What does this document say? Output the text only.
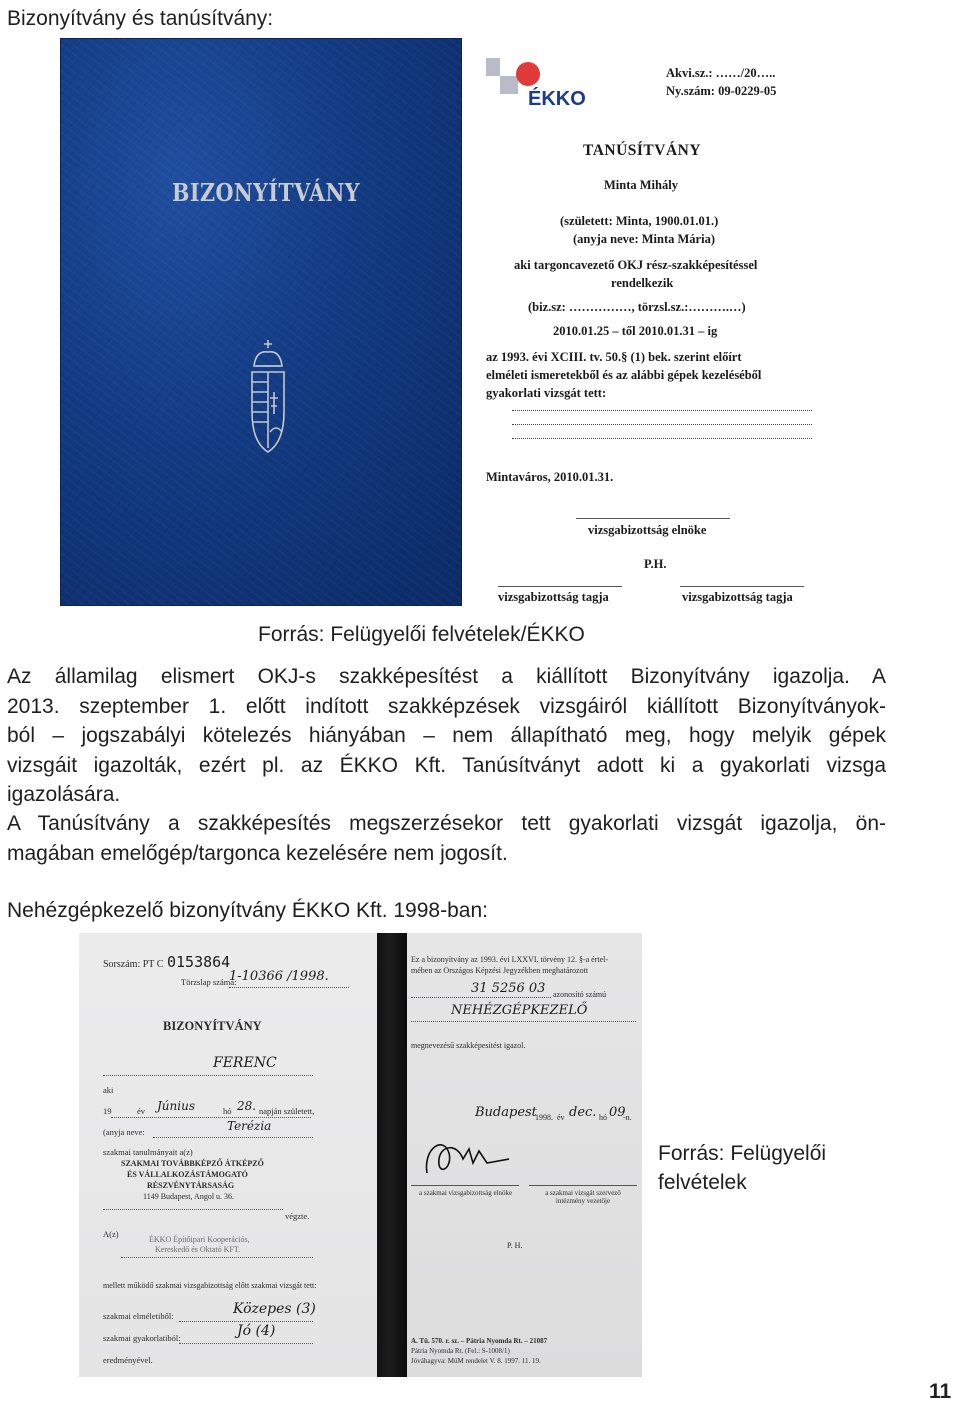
Bizonyítvány és tanúsítvány:
BIZONYÍTVÁNY
ÉKKO
Akvi.sz.: ……/20…..
Ny.szám: 09-0229-05
TANÚSÍTVÁNY
Minta Mihály
(született: Minta, 1900.01.01.)
(anyja neve: Minta Mária)
aki targoncavezető OKJ rész-szakképesítéssel
rendelkezik
(biz.sz: ……………, törzsl.sz.:……….…)
2010.01.25 – től 2010.01.31 – ig
az 1993. évi XCIII. tv. 50.§ (1) bek. szerint előírt
elméleti ismeretekből és az alábbi gépek kezeléséből
gyakorlati vizsgát tett:
Mintaváros, 2010.01.31.
vizsgabizottság elnöke
P.H.
vizsgabizottság tagja	vizsgabizottság tagja
Forrás: Felügyelői felvételek/ÉKKO
Az államilag elismert OKJ-s szakképesítést a kiállított Bizonyítvány igazolja. A
2013. szeptember 1. előtt indított szakképzések vizsgáiról kiállított Bizonyítványok-
ból – jogszabályi kötelezés hiányában – nem állapítható meg, hogy melyik gépek
vizsgáit igazolták, ezért pl. az ÉKKO Kft. Tanúsítványt adott ki a gyakorlati vizsga
igazolására.
A Tanúsítvány a szakképesítés megszerzésekor tett gyakorlati vizsgát igazolja, ön-
magában emelőgép/targonca kezelésére nem jogosít.
Nehézgépkezelő bizonyítvány ÉKKO Kft. 1998-ban:
Sorszám: PT C 0153864
Törzslap száma:
1-10366 /1998.
BIZONYÍTVÁNY
FERENC
aki
19	év Június	hó 28. napján született,
(anyja neve:	Terézia
szakmai tanulmányait a(z)
SZAKMAI TOVÁBBKÉPZŐ ÁTKÉPZŐ
ÉS VÁLLALKOZÁSTÁMOGATÓ
RÉSZVÉNYTÁRSASÁG
1149 Budapest, Angol u. 36.
végzte.
A(z)
ÉKKO Építőipari Kooperációs,
Kereskedő és Oktató KFT.
mellett működő szakmai vizsgabizottság előtt szakmai vizsgát tett:
szakmai elméletiből:	Közepes (3)
szakmai gyakorlatiból:	Jó (4)
eredményével.
Ez a bizonyítvány az 1993. évi LXXVI. törvény 12. §-a értel-
mében az Országos Képzési Jegyzékben meghatározott
31 5256 03 azonosító számú
NEHÉZGÉPKEZELŐ
megnevezésű szakképesítést igazol.
Budapest
1998. év dec. hó 09
-n.
a szakmai vizsgabizottság elnöke	a szakmai vizsgát szervező intézmény vezetője
P. H.
A. Tü. 570. r. sz. – Pátria Nyomda Rt. – 21087
Pátria Nyomda Rt. (Fel.: S-1008/1)
Jóváhagyva: MüM rendelet V. 8. 1997. 11. 19.
Forrás: Felügyelői
felvételek
11
